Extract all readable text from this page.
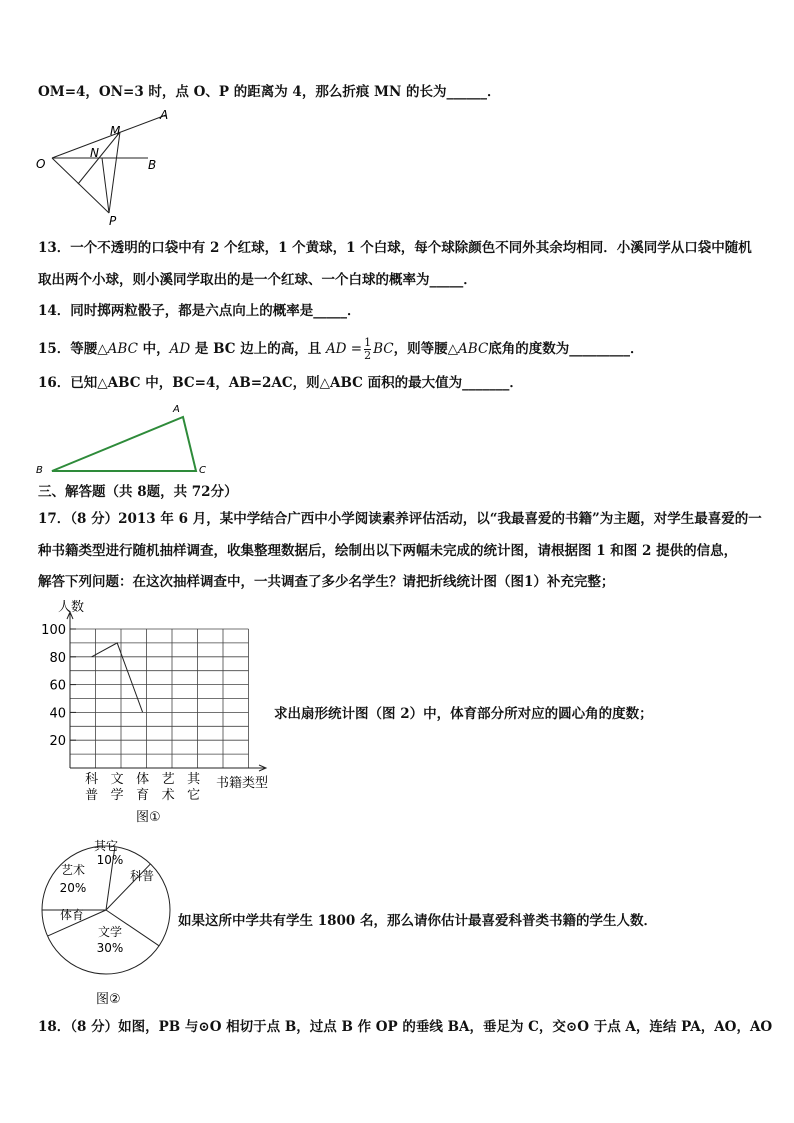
OM=4，ON=3 时，点 O、P 的距离为 4，那么折痕 MN 的长为______．
O
M
N
A
B
P
13．一个不透明的口袋中有 2 个红球，1 个黄球，1 个白球，每个球除颜色不同外其余均相同．小溪同学从口袋中随机
取出两个小球，则小溪同学取出的是一个红球、一个白球的概率为_____．
14．同时掷两粒骰子，都是六点向上的概率是_____．
15．等腰△ABC 中，AD 是 BC 边上的高，且 AD = $\frac{1}{2}$ BC，则等腰△ABC底角的度数为_________．
16．已知△ABC 中，BC=4，AB=2AC，则△ABC 面积的最大值为_______．
A
B	C
三、解答题（共 8题，共 72分）
17．（8 分）2013 年 6 月，某中学结合广西中小学阅读素养评估活动，以“我最喜爱的书籍”为主题，对学生最喜爱的一
种书籍类型进行随机抽样调查，收集整理数据后，绘制出以下两幅未完成的统计图，请根据图 1 和图 2 提供的信息，
解答下列问题：在这次抽样调查中，一共调查了多少名学生？请把折线统计图（图1）补充完整；
人数
100
80
60
40
20
科
普
文
学
体
育
艺
术
其
它
书籍类型
图①
求出扇形统计图（图 2）中，体育部分所对应的圆心角的度数；
其它
10%
科普
文学
30%
体育
艺术
20%
图②
如果这所中学共有学生 1800 名，那么请你估计最喜爱科普类书籍的学生人数．
18．（8 分）如图，PB 与⊙O 相切于点 B，过点 B 作 OP 的垂线 BA，垂足为 C，交⊙O 于点 A，连结 PA，AO，AO
